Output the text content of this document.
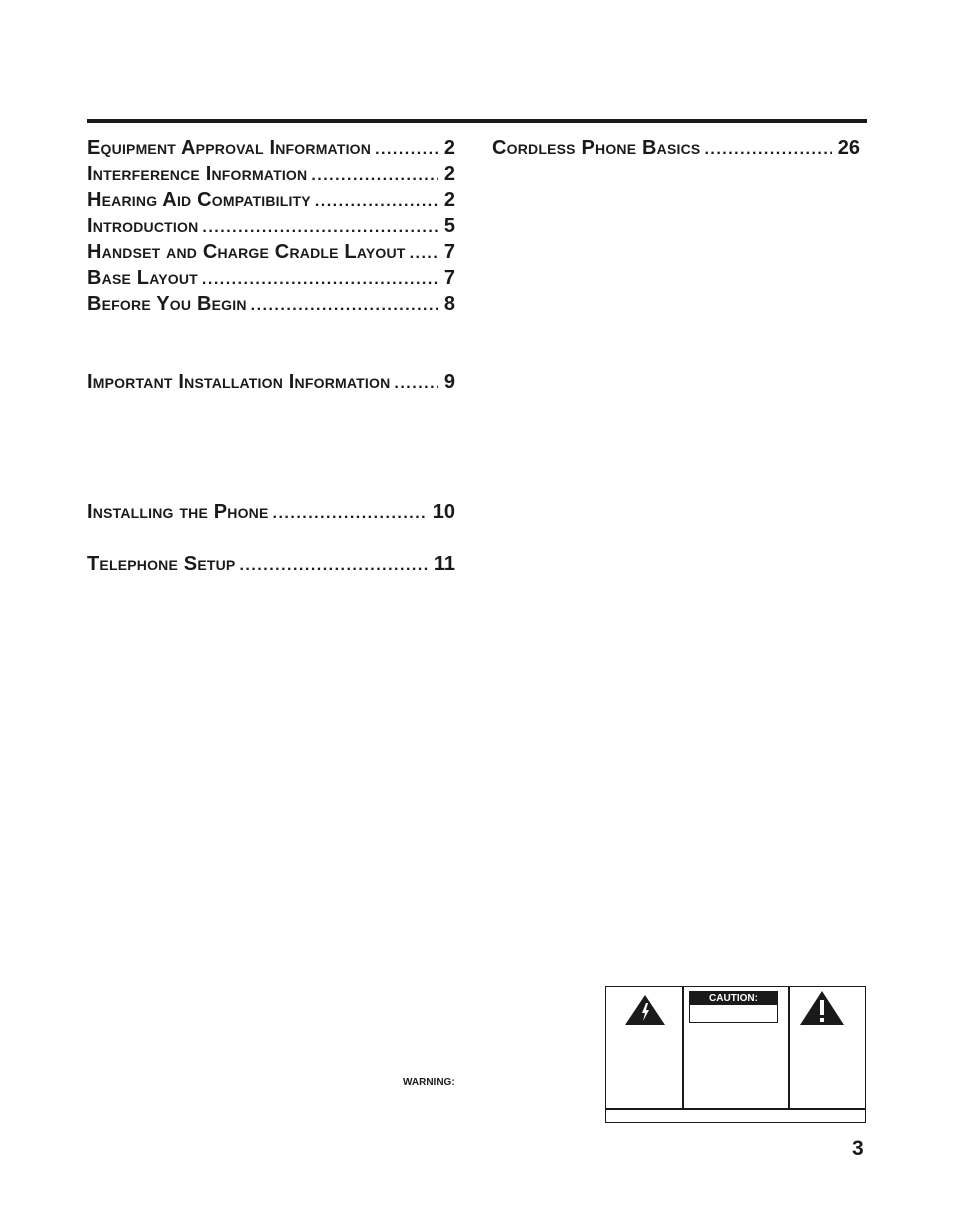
Equipment Approval Information .....	2
Interference Information .....	2
Hearing Aid Compatibility .....	2
Introduction .....	5
Handset and Charge Cradle Layout ..... 7
Base Layout .....	7
Before You Begin .....	8
Important Installation Information .....	9
Installing the Phone .....	10
Telephone Setup .....	11
Cordless Phone Basics .....	26
WARNING:
CAUTION:
3
